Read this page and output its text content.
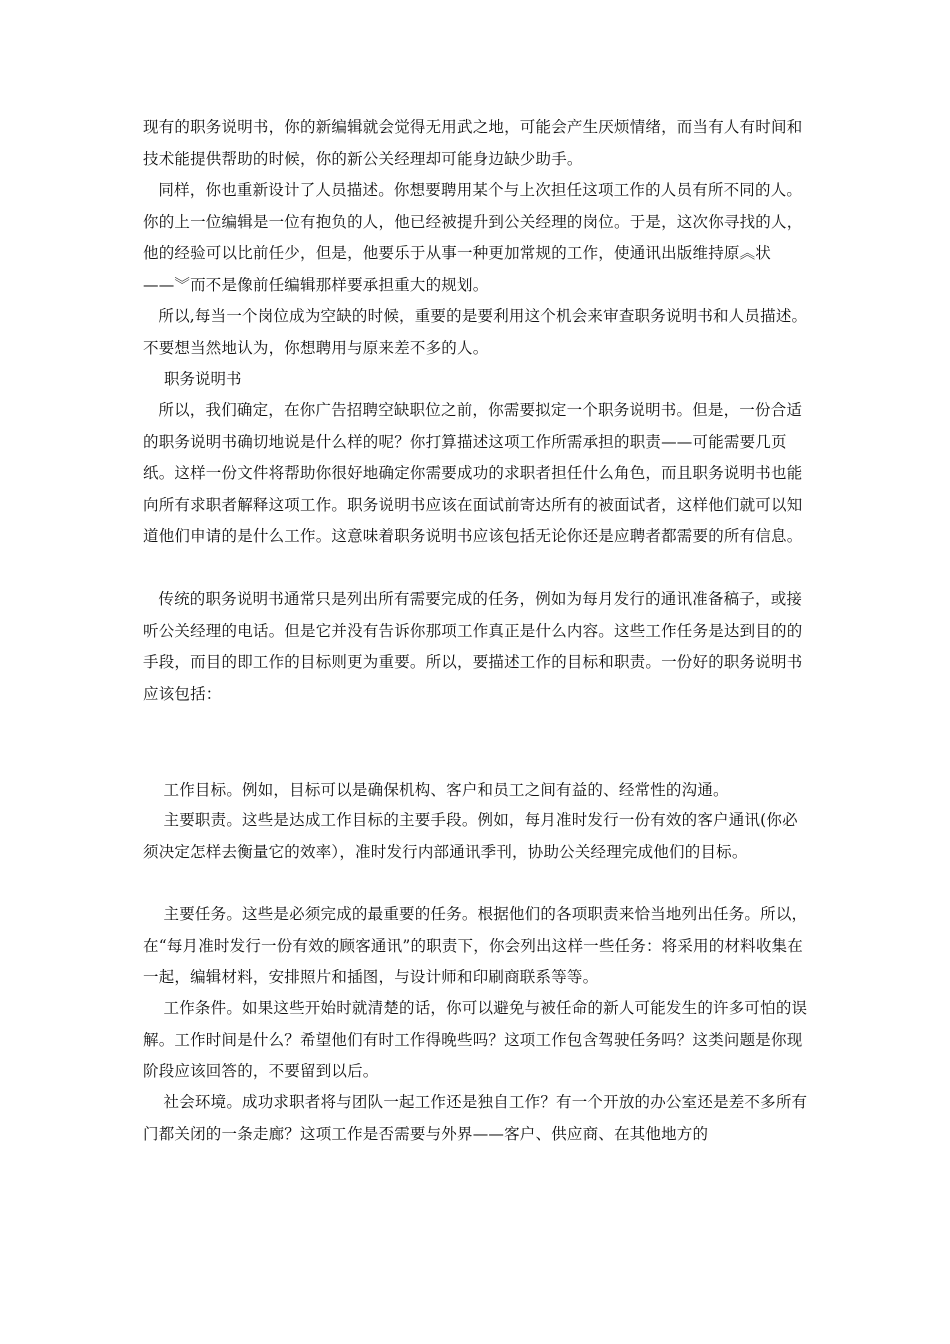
现有的职务说明书，你的新编辑就会觉得无用武之地，可能会产生厌烦情绪，而当有人有时间和技术能提供帮助的时候，你的新公关经理却可能身边缺少助手。

同样，你也重新设计了人员描述。你想要聘用某个与上次担任这项工作的人员有所不同的人。你的上一位编辑是一位有抱负的人，他已经被提升到公关经理的岗位。于是，这次你寻找的人，他的经验可以比前任少，但是，他要乐于从事一种更加常规的工作，使通讯出版维持原︽状——︾而不是像前任编辑那样要承担重大的规划。

所以,每当一个岗位成为空缺的时候，重要的是要利用这个机会来审查职务说明书和人员描述。不要想当然地认为，你想聘用与原来差不多的人。

职务说明书

所以，我们确定，在你广告招聘空缺职位之前，你需要拟定一个职务说明书。但是，一份合适的职务说明书确切地说是什么样的呢？你打算描述这项工作所需承担的职责——可能需要几页纸。这样一份文件将帮助你很好地确定你需要成功的求职者担任什么角色，而且职务说明书也能向所有求职者解释这项工作。职务说明书应该在面试前寄达所有的被面试者，这样他们就可以知道他们申请的是什么工作。这意味着职务说明书应该包括无论你还是应聘者都需要的所有信息。

传统的职务说明书通常只是列出所有需要完成的任务，例如为每月发行的通讯准备稿子，或接听公关经理的电话。但是它并没有告诉你那项工作真正是什么内容。这些工作任务是达到目的的手段，而目的即工作的目标则更为重要。所以，要描述工作的目标和职责。一份好的职务说明书应该包括：

工作目标。例如，目标可以是确保机构、客户和员工之间有益的、经常性的沟通。

主要职责。这些是达成工作目标的主要手段。例如，每月准时发行一份有效的客户通讯(你必须决定怎样去衡量它的效率），准时发行内部通讯季刊，协助公关经理完成他们的目标。

主要任务。这些是必须完成的最重要的任务。根据他们的各项职责来恰当地列出任务。所以，在“每月准时发行一份有效的顾客通讯”的职责下，你会列出这样一些任务：将采用的材料收集在一起，编辑材料，安排照片和插图，与设计师和印刷商联系等等。

工作条件。如果这些开始时就清楚的话，你可以避免与被任命的新人可能发生的许多可怕的误解。工作时间是什么？希望他们有时工作得晚些吗？这项工作包含驾驶任务吗？这类问题是你现阶段应该回答的，不要留到以后。

社会环境。成功求职者将与团队一起工作还是独自工作？有一个开放的办公室还是差不多所有门都关闭的一条走廊？这项工作是否需要与外界——客户、供应商、在其他地方的
